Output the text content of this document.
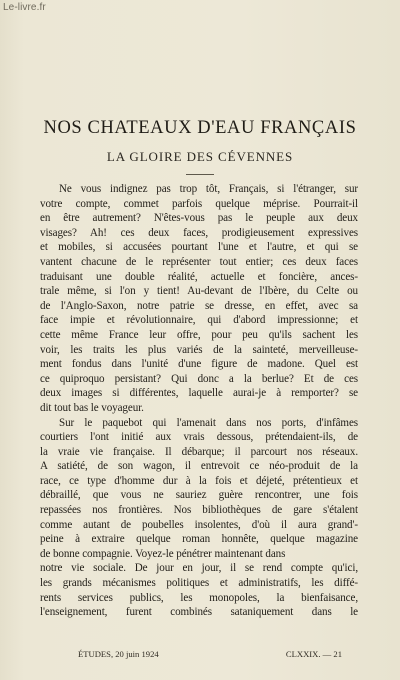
Le-livre.fr
NOS CHATEAUX D'EAU FRANÇAIS
LA GLOIRE DES CÉVENNES
Ne vous indignez pas trop tôt, Français, si l'étranger, sur
votre compte, commet parfois quelque méprise. Pourrait-il
en être autrement? N'êtes-vous pas le peuple aux deux
visages? Ah! ces deux faces, prodigieusement expressives
et mobiles, si accusées pourtant l'une et l'autre, et qui se
vantent chacune de le représenter tout entier; ces deux faces
traduisant une double réalité, actuelle et foncière, ances-
trale même, si l'on y tient! Au-devant de l'Ibère, du Celte ou
de l'Anglo-Saxon, notre patrie se dresse, en effet, avec sa
face impie et révolutionnaire, qui d'abord impressionne; et
cette même France leur offre, pour peu qu'ils sachent les
voir, les traits les plus variés de la sainteté, merveilleuse-
ment fondus dans l'unité d'une figure de madone. Quel est
ce quiproquo persistant? Qui donc a la berlue? Et de ces
deux images si différentes, laquelle aurai-je à remporter? se
dit tout bas le voyageur.
Sur le paquebot qui l'amenait dans nos ports, d'infâmes
courtiers l'ont initié aux vrais dessous, prétendaient-ils, de
la vraie vie française. Il débarque; il parcourt nos réseaux.
A satiété, de son wagon, il entrevoit ce néo-produit de la
race, ce type d'homme dur à la fois et déjeté, prétentieux et
débraillé, que vous ne sauriez guère rencontrer, une fois
repassées nos frontières. Nos bibliothèques de gare s'étalent
comme autant de poubelles insolentes, d'où il aura grand'-
peine à extraire quelque roman honnête, quelque magazine
de bonne compagnie. Voyez-le pénétrer maintenant dans
notre vie sociale. De jour en jour, il se rend compte qu'ici,
les grands mécanismes politiques et administratifs, les diffé-
rents services publics, les monopoles, la bienfaisance,
l'enseignement, furent combinés sataniquement dans le
ÉTUDES, 20 juin 1924	CLXXIX. — 21
